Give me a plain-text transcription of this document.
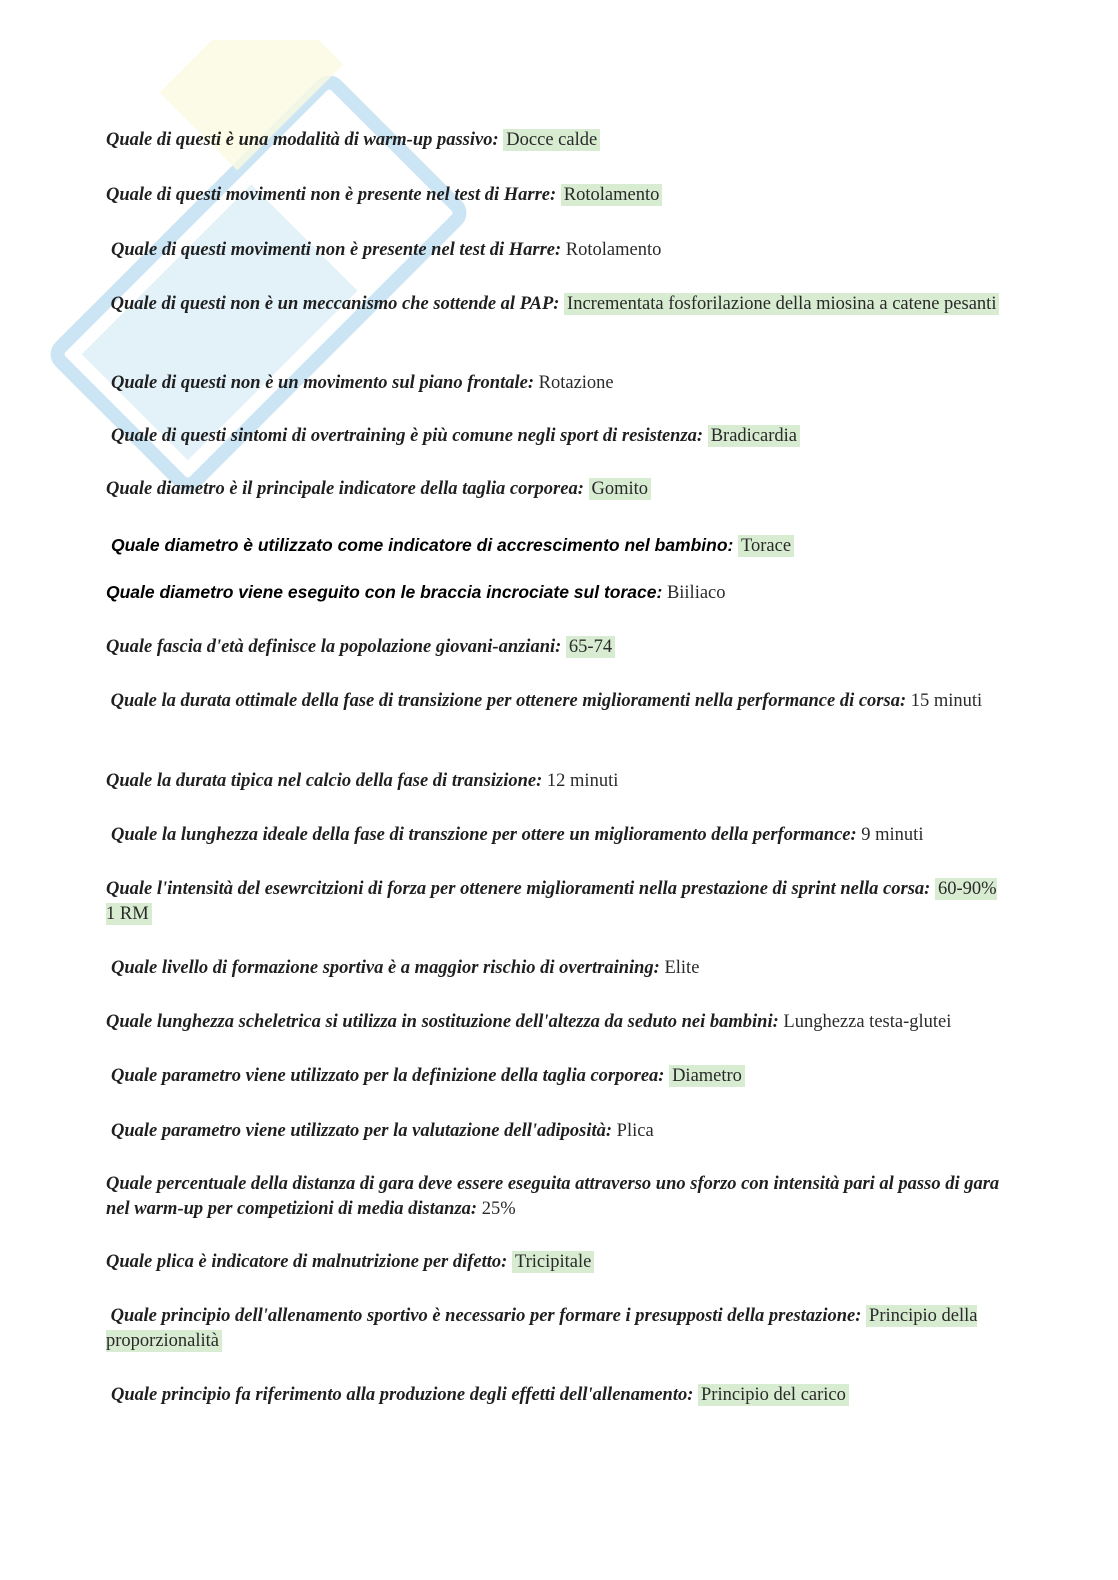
Quale di questi è una modalità di warm-up passivo: Docce calde

Quale di questi movimenti non è presente nel test di Harre: Rotolamento

Quale di questi movimenti non è presente nel test di Harre: Rotolamento

Quale di questi non è un meccanismo che sottende al PAP: Incrementata fosforilazione della miosina a catene pesanti

Quale di questi non è un movimento sul piano frontale: Rotazione

Quale di questi sintomi di overtraining è più comune negli sport di resistenza: Bradicardia

Quale diametro è il principale indicatore della taglia corporea: Gomito

Quale diametro è utilizzato come indicatore di accrescimento nel bambino: Torace

Quale diametro viene eseguito con le braccia incrociate sul torace: Biiliaco

Quale fascia d'età definisce la popolazione giovani-anziani: 65-74

Quale la durata ottimale della fase di transizione per ottenere miglioramenti nella performance di corsa: 15 minuti

Quale la durata tipica nel calcio della fase di transizione: 12 minuti

Quale la lunghezza ideale della fase di transzione per ottere un miglioramento della performance: 9 minuti

Quale l'intensità del esewrcitzioni di forza per ottenere miglioramenti nella prestazione di sprint nella corsa: 60-90% 1 RM

Quale livello di formazione sportiva è a maggior rischio di overtraining: Elite

Quale lunghezza scheletrica si utilizza in sostituzione dell'altezza da seduto nei bambini: Lunghezza testa-glutei

Quale parametro viene utilizzato per la definizione della taglia corporea: Diametro

Quale parametro viene utilizzato per la valutazione dell'adiposità: Plica

Quale percentuale della distanza di gara deve essere eseguita attraverso uno sforzo con intensità pari al passo di gara nel warm-up per competizioni di media distanza: 25%

Quale plica è indicatore di malnutrizione per difetto: Tricipitale

Quale principio dell'allenamento sportivo è necessario per formare i presupposti della prestazione: Principio della proporzionalità

Quale principio fa riferimento alla produzione degli effetti dell'allenamento: Principio del carico
